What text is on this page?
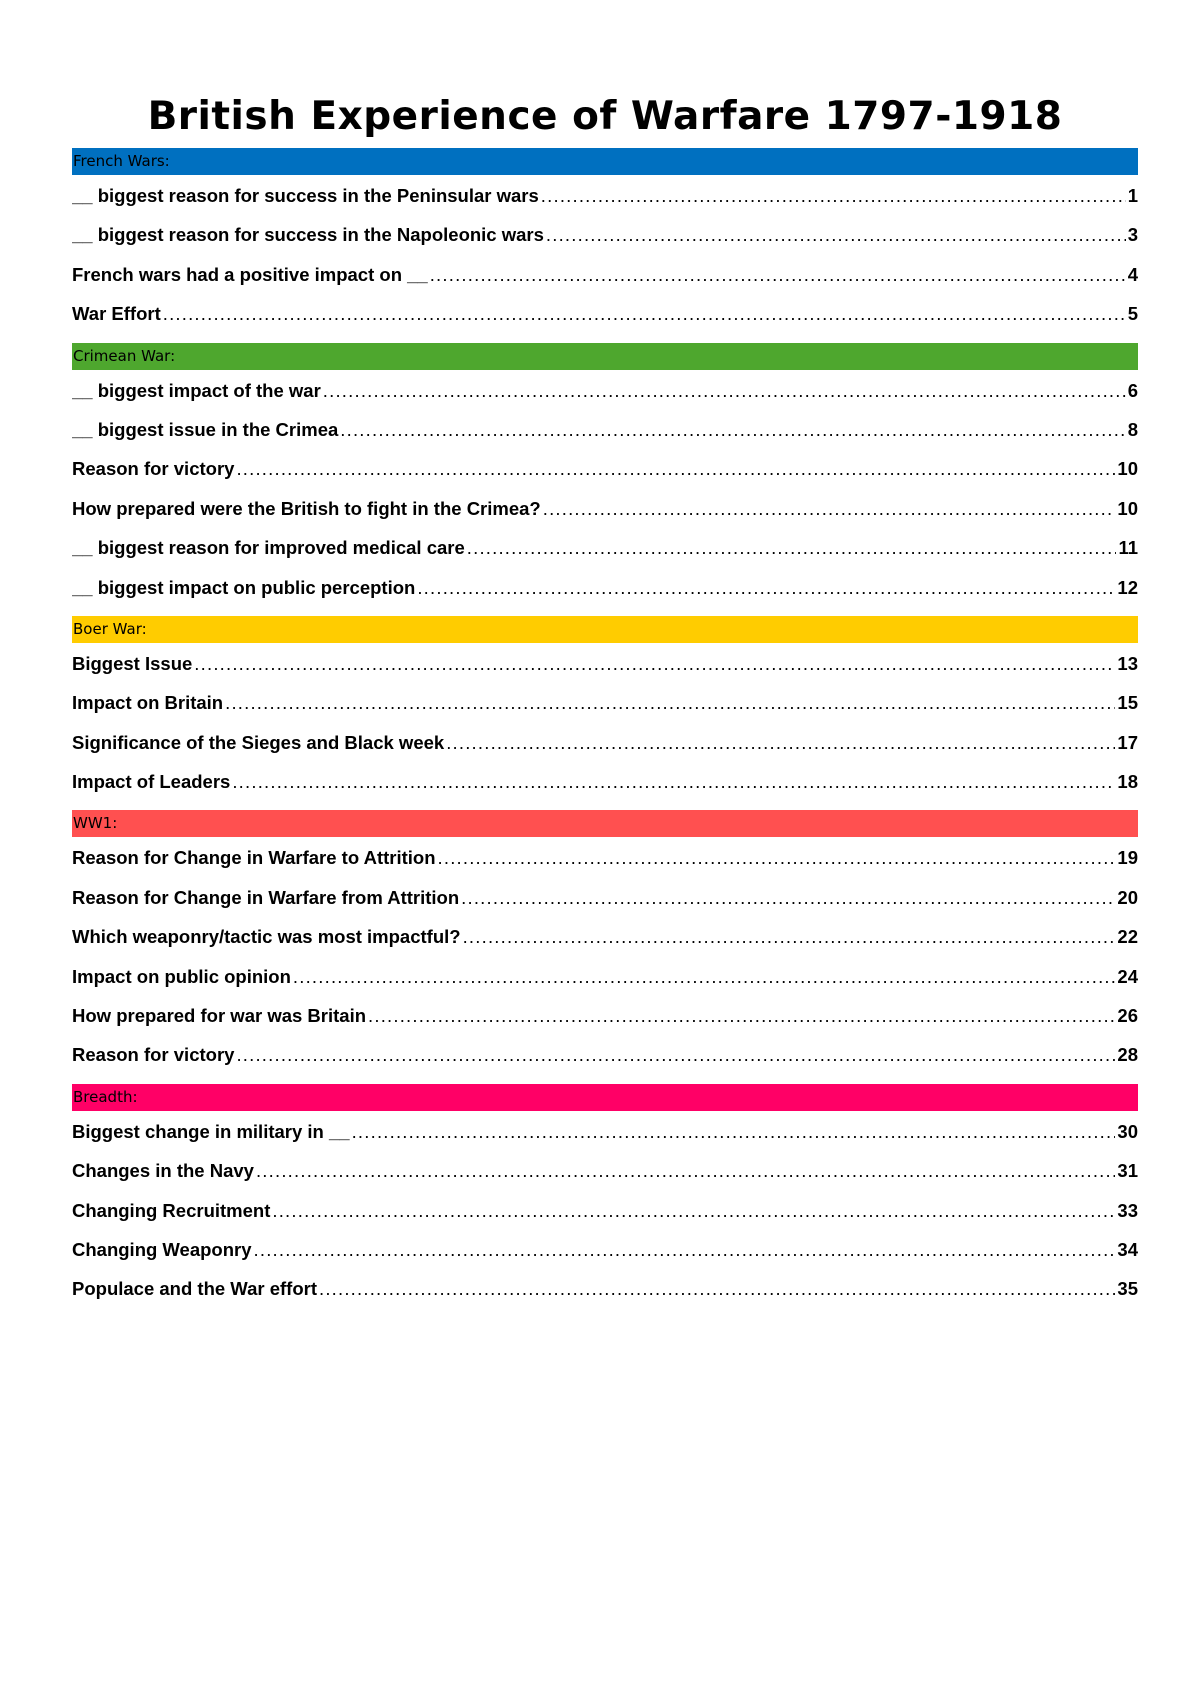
British Experience of Warfare 1797-1918
French Wars:
__ biggest reason for success in the Peninsular wars .....	1
__ biggest reason for success in the Napoleonic wars .....	3
French wars had a positive impact on __ .....	4
War Effort .....	5
Crimean War:
__ biggest impact of the war .....	6
__ biggest issue in the Crimea .....	8
Reason for victory .....	10
How prepared were the British to fight in the Crimea? .....	10
__ biggest reason for improved medical care .....	11
__ biggest impact on public perception .....	12
Boer War:
Biggest Issue .....	13
Impact on Britain .....	15
Significance of the Sieges and Black week .....	17
Impact of Leaders .....	18
WW1:
Reason for Change in Warfare to Attrition .....	19
Reason for Change in Warfare from Attrition .....	20
Which weaponry/tactic was most impactful? .....	22
Impact on public opinion .....	24
How prepared for war was Britain .....	26
Reason for victory .....	28
Breadth:
Biggest change in military in __ .....	30
Changes in the Navy .....	31
Changing Recruitment .....	33
Changing Weaponry .....	34
Populace and the War effort .....	35
